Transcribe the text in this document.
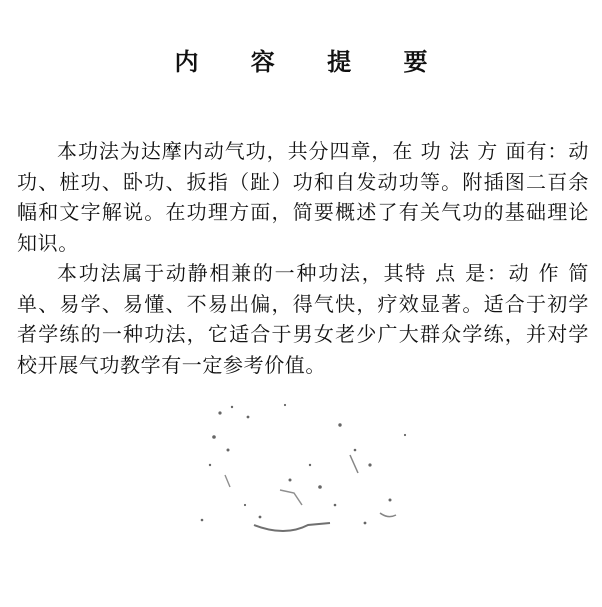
内 容 提 要

本功法为达摩内动气功，共分四章，在 功 法 方 面有：动功、桩功、卧功、扳指（趾）功和自发动功等。附插图二百余幅和文字解说。在功理方面，简要概述了有关气功的基础理论知识。

本功法属于动静相兼的一种功法，其特 点 是：动 作 简单、易学、易懂、不易出偏，得气快，疗效显著。适合于初学者学练的一种功法，它适合于男女老少广大群众学练，并对学校开展气功教学有一定参考价值。
